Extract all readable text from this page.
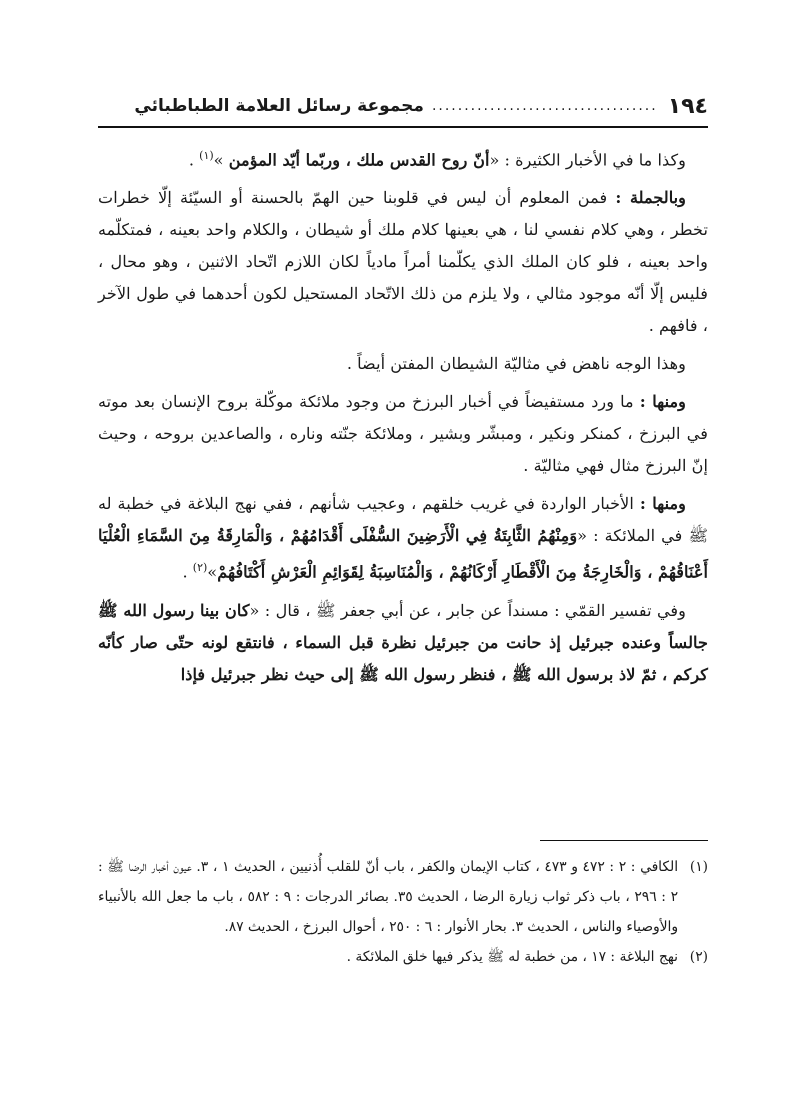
١٩٤
...................................
مجموعة رسائل العلامة الطباطبائي

وكذا ما في الأخبار الكثيرة : «أنّ روح القدس ملك ، وربّما أيّد المؤمن »$^{(١)}$ .

وبالجملة : فمن المعلوم أن ليس في قلوبنا حين الهمّ بالحسنة أو السيّئة إلّا خطرات تخطر ، وهي كلام نفسي لنا ، هي بعينها كلام ملك أو شيطان ، والكلام واحد بعينه ، فمتكلّمه واحد بعينه ، فلو كان الملك الذي يكلّمنا أمراً مادياً لكان اللازم اتّحاد الاثنين ، وهو محال ، فليس إلّا أنّه موجود مثالي ، ولا يلزم من ذلك الاتّحاد المستحيل لكون أحدهما في طول الآخر ، فافهم .

وهذا الوجه ناهض في مثاليّة الشيطان المفتن أيضاً .

ومنها : ما ورد مستفيضاً في أخبار البرزخ من وجود ملائكة موكّلة بروح الإنسان بعد موته في البرزخ ، كمنكر ونكير ، ومبشّر وبشير ، وملائكة جنّته وناره ، والصاعدين بروحه ، وحيث إنّ البرزخ مثال فهي مثاليّة .

ومنها : الأخبار الواردة في غريب خلقهم ، وعجيب شأنهم ، ففي نهج البلاغة في خطبة له ﷺ في الملائكة : «وَمِنْهُمُ الثَّابِتَةُ فِي الْأَرَضِينَ السُّفْلَى أَقْدَامُهُمْ ، وَالْمَارِقَةُ مِنَ السَّمَاءِ الْعُلْيَا أَعْنَاقُهُمْ ، وَالْخَارِجَةُ مِنَ الْأَقْطَارِ أَرْكَانُهُمْ ، وَالْمُنَاسِبَةُ لِقَوَائِمِ الْعَرْشِ أَكْتَافُهُمْ»$^{(٢)}$ .

وفي تفسير القمّي : مسنداً عن جابر ، عن أبي جعفر ﷺ ، قال : «كان بينا رسول الله ﷺ جالساً وعنده جبرئيل إذ حانت من جبرئيل نظرة قبل السماء ، فانتقع لونه حتّى صار كأنّه كركم ، ثمّ لاذ برسول الله ﷺ ، فنظر رسول الله ﷺ إلى حيث نظر جبرئيل فإذا

(١)الكافي : ٢ : ٤٧٢ و ٤٧٣ ، كتاب الإيمان والكفر ، باب أنّ للقلب أُذنيين ، الحديث ١ ، ٣. عيون أخبار الرضا ﷺ : ٢ : ٢٩٦ ، باب ذكر ثواب زيارة الرضا ، الحديث ٣٥. بصائر الدرجات : ٩ : ٥٨٢ ، باب ما جعل الله بالأنبياء والأوصياء والناس ، الحديث ٣. بحار الأنوار : ٦ : ٢٥٠ ، أحوال البرزخ ، الحديث ٨٧.

(٢)نهج البلاغة : ١٧ ، من خطبة له ﷺ يذكر فيها خلق الملائكة .
